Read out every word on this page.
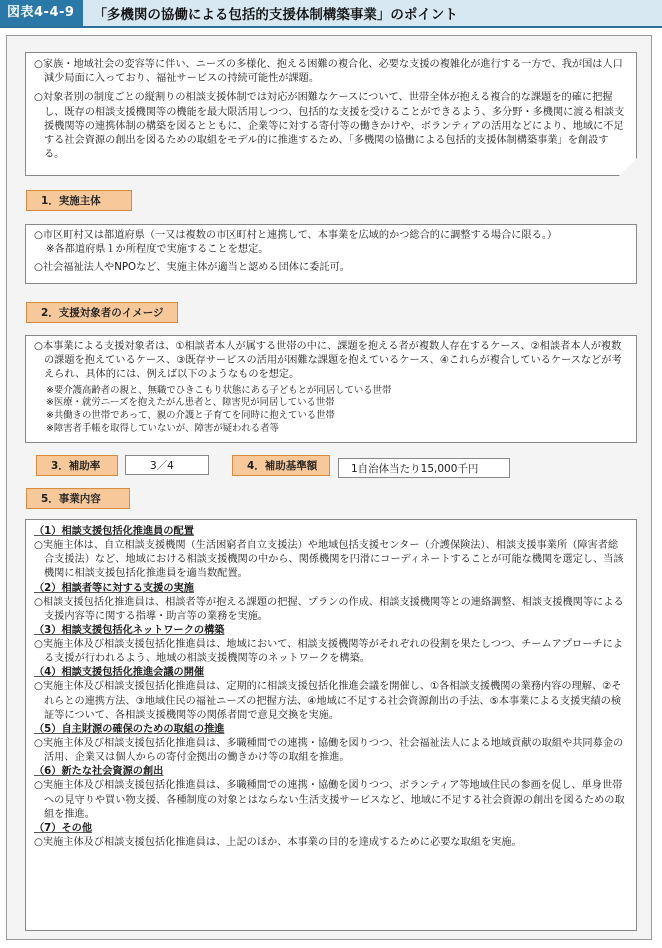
図表4-4-9	「多機関の協働による包括的支援体制構築事業」のポイント

○家族・地域社会の変容等に伴い、ニーズの多様化、抱える困難の複合化、必要な支援の複雑化が進行する一方で、我が国は人口減少局面に入っており、福祉サービスの持続可能性が課題。

○対象者別の制度ごとの縦割りの相談支援体制では対応が困難なケースについて、世帯全体が抱える複合的な課題を的確に把握し、既存の相談支援機関等の機能を最大限活用しつつ、包括的な支援を受けることができるよう、多分野・多機関に渡る相談支援機関等の連携体制の構築を図るとともに、企業等に対する寄付等の働きかけや、ボランティアの活用などにより、地域に不足する社会資源の創出を図るための取組をモデル的に推進するため、「多機関の協働による包括的支援体制構築事業」を創設する。

1．実施主体

○市区町村又は都道府県（一又は複数の市区町村と連携して、本事業を広域的かつ総合的に調整する場合に限る。）

※各都道府県１か所程度で実施することを想定。

○社会福祉法人やNPOなど、実施主体が適当と認める団体に委託可。

2．支援対象者のイメージ

○本事業による支援対象者は、①相談者本人が属する世帯の中に、課題を抱える者が複数人存在するケース、②相談者本人が複数の課題を抱えているケース、③既存サービスの活用が困難な課題を抱えているケース、④これらが複合しているケースなどが考えられ、具体的には、例えば以下のようなものを想定。

※要介護高齢者の親と、無職でひきこもり状態にある子どもとが同居している世帯

※医療・就労ニーズを抱えたがん患者と、障害児が同居している世帯

※共働きの世帯であって、親の介護と子育てを同時に抱えている世帯

※障害者手帳を取得していないが、障害が疑われる者等

3．補助率	3／4	4．補助基準額	1自治体当たり15,000千円
5．事業内容

（1）相談支援包括化推進員の配置

○実施主体は、自立相談支援機関（生活困窮者自立支援法）や地域包括支援センター（介護保険法）、相談支援事業所（障害者総合支援法）など、地域における相談支援機関の中から、関係機関を円滑にコーディネートすることが可能な機関を選定し、当該機関に相談支援包括化推進員を適当数配置。

（2）相談者等に対する支援の実施

○相談支援包括化推進員は、相談者等が抱える課題の把握、プランの作成、相談支援機関等との連絡調整、相談支援機関等による支援内容等に関する指導・助言等の業務を実施。

（3）相談支援包括化ネットワークの構築

○実施主体及び相談支援包括化推進員は、地域において、相談支援機関等がそれぞれの役割を果たしつつ、チームアプローチによる支援が行われるよう、地域の相談支援機関等のネットワークを構築。

（4）相談支援包括化推進会議の開催

○実施主体及び相談支援包括化推進員は、定期的に相談支援包括化推進会議を開催し、①各相談支援機関の業務内容の理解、②それらとの連携方法、③地域住民の福祉ニーズの把握方法、④地域に不足する社会資源創出の手法、⑤本事業による支援実績の検証等について、各相談支援機関等の関係者間で意見交換を実施。

（5）自主財源の確保のための取組の推進

○実施主体及び相談支援包括化推進員は、多職種間での連携・協働を図りつつ、社会福祉法人による地域貢献の取組や共同募金の活用、企業又は個人からの寄付金拠出の働きかけ等の取組を推進。

（6）新たな社会資源の創出

○実施主体及び相談支援包括化推進員は、多職種間での連携・協働を図りつつ、ボランティア等地域住民の参画を促し、単身世帯への見守りや買い物支援、各種制度の対象とはならない生活支援サービスなど、地域に不足する社会資源の創出を図るための取組を推進。

（7）その他

○実施主体及び相談支援包括化推進員は、上記のほか、本事業の目的を達成するために必要な取組を実施。
